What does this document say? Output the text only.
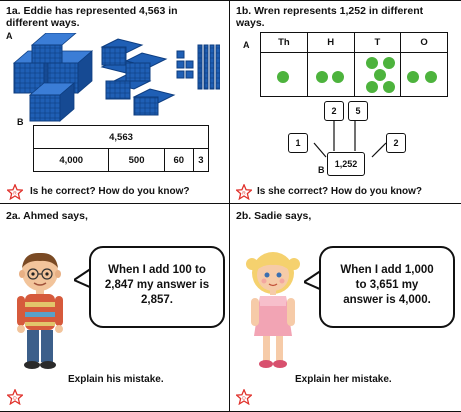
1a. Eddie has represented 4,563 in
different ways.
A
B
4,563
4,000	500	60	3
R Is he correct? How do you know?
1b. Wren represents 1,252 in different
ways.
A	Th	H	T	O

2	5
1	2
1,252
B
R Is she correct? How do you know?
2a. Ahmed says,
When I add 100 to
2,847 my answer is
2,857.
Explain his mistake.
D
2b. Sadie says,
When I add 1,000
to 3,651 my
answer is 4,000.
Explain her mistake.
D
